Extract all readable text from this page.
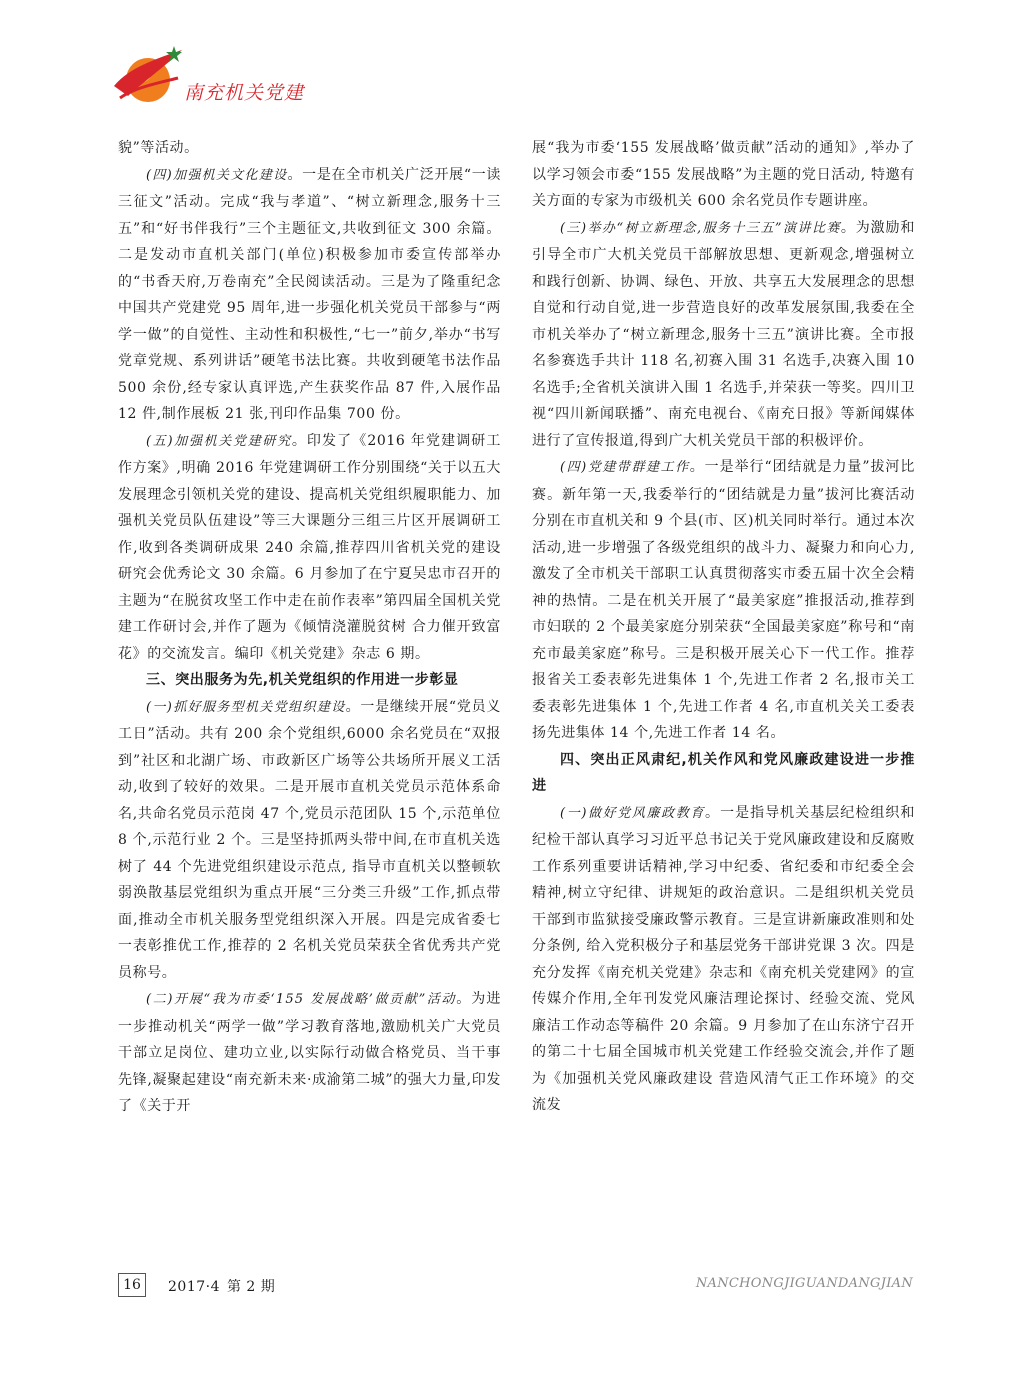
南充机关党建

貌”等活动。

(四)加强机关文化建设。一是在全市机关广泛开展“一读三征文”活动。完成“我与孝道”、“树立新理念,服务十三五”和“好书伴我行”三个主题征文,共收到征文 300 余篇。二是发动市直机关部门(单位)积极参加市委宣传部举办的“书香天府,万卷南充”全民阅读活动。三是为了隆重纪念中国共产党建党 95 周年,进一步强化机关党员干部参与“两学一做”的自觉性、主动性和积极性,“七一”前夕,举办“书写党章党规、系列讲话”硬笔书法比赛。共收到硬笔书法作品 500 余份,经专家认真评选,产生获奖作品 87 件,入展作品 12 件,制作展板 21 张,刊印作品集 700 份。

(五)加强机关党建研究。印发了《2016 年党建调研工作方案》,明确 2016 年党建调研工作分别围绕“关于以五大发展理念引领机关党的建设、提高机关党组织履职能力、加强机关党员队伍建设”等三大课题分三组三片区开展调研工作,收到各类调研成果 240 余篇,推荐四川省机关党的建设研究会优秀论文 30 余篇。6 月参加了在宁夏吴忠市召开的主题为“在脱贫攻坚工作中走在前作表率”第四届全国机关党建工作研讨会,并作了题为《倾情浇灌脱贫树 合力催开致富花》的交流发言。编印《机关党建》杂志 6 期。

三、突出服务为先,机关党组织的作用进一步彰显

(一)抓好服务型机关党组织建设。一是继续开展“党员义工日”活动。共有 200 余个党组织,6000 余名党员在“双报到”社区和北湖广场、市政新区广场等公共场所开展义工活动,收到了较好的效果。二是开展市直机关党员示范体系命名,共命名党员示范岗 47 个,党员示范团队 15 个,示范单位 8 个,示范行业 2 个。三是坚持抓两头带中间,在市直机关选树了 44 个先进党组织建设示范点, 指导市直机关以整顿软弱涣散基层党组织为重点开展“三分类三升级”工作,抓点带面,推动全市机关服务型党组织深入开展。四是完成省委七一表彰推优工作,推荐的 2 名机关党员荣获全省优秀共产党员称号。

(二)开展“我为市委‘155 发展战略’做贡献”活动。为进一步推动机关“两学一做”学习教育落地,激励机关广大党员干部立足岗位、建功立业,以实际行动做合格党员、当干事先锋,凝聚起建设“南充新未来·成渝第二城”的强大力量,印发了《关于开

展“我为市委‘155 发展战略’做贡献”活动的通知》,举办了以学习领会市委“155 发展战略”为主题的党日活动, 特邀有关方面的专家为市级机关 600 余名党员作专题讲座。

(三)举办“树立新理念,服务十三五”演讲比赛。为激励和引导全市广大机关党员干部解放思想、更新观念,增强树立和践行创新、协调、绿色、开放、共享五大发展理念的思想自觉和行动自觉,进一步营造良好的改革发展氛围,我委在全市机关举办了“树立新理念,服务十三五”演讲比赛。全市报名参赛选手共计 118 名,初赛入围 31 名选手,决赛入围 10 名选手;全省机关演讲入围 1 名选手,并荣获一等奖。四川卫视“四川新闻联播”、南充电视台、《南充日报》等新闻媒体进行了宣传报道,得到广大机关党员干部的积极评价。

(四)党建带群建工作。一是举行“团结就是力量”拔河比赛。新年第一天,我委举行的“团结就是力量”拔河比赛活动分别在市直机关和 9 个县(市、区)机关同时举行。通过本次活动,进一步增强了各级党组织的战斗力、凝聚力和向心力,激发了全市机关干部职工认真贯彻落实市委五届十次全会精神的热情。二是在机关开展了“最美家庭”推报活动,推荐到市妇联的 2 个最美家庭分别荣获“全国最美家庭”称号和“南充市最美家庭”称号。三是积极开展关心下一代工作。推荐报省关工委表彰先进集体 1 个,先进工作者 2 名,报市关工委表彰先进集体 1 个,先进工作者 4 名,市直机关关工委表扬先进集体 14 个,先进工作者 14 名。

四、突出正风肃纪,机关作风和党风廉政建设进一步推进

(一)做好党风廉政教育。一是指导机关基层纪检组织和纪检干部认真学习习近平总书记关于党风廉政建设和反腐败工作系列重要讲话精神,学习中纪委、省纪委和市纪委全会精神,树立守纪律、讲规矩的政治意识。二是组织机关党员干部到市监狱接受廉政警示教育。三是宣讲新廉政准则和处分条例, 给入党积极分子和基层党务干部讲党课 3 次。四是充分发挥《南充机关党建》杂志和《南充机关党建网》的宣传媒介作用,全年刊发党风廉洁理论探讨、经验交流、党风廉洁工作动态等稿件 20 余篇。9 月参加了在山东济宁召开的第二十七届全国城市机关党建工作经验交流会,并作了题为《加强机关党风廉政建设 营造风清气正工作环境》的交流发

16	2017·4 第 2 期	NANCHONGJIGUANDANGJIAN
